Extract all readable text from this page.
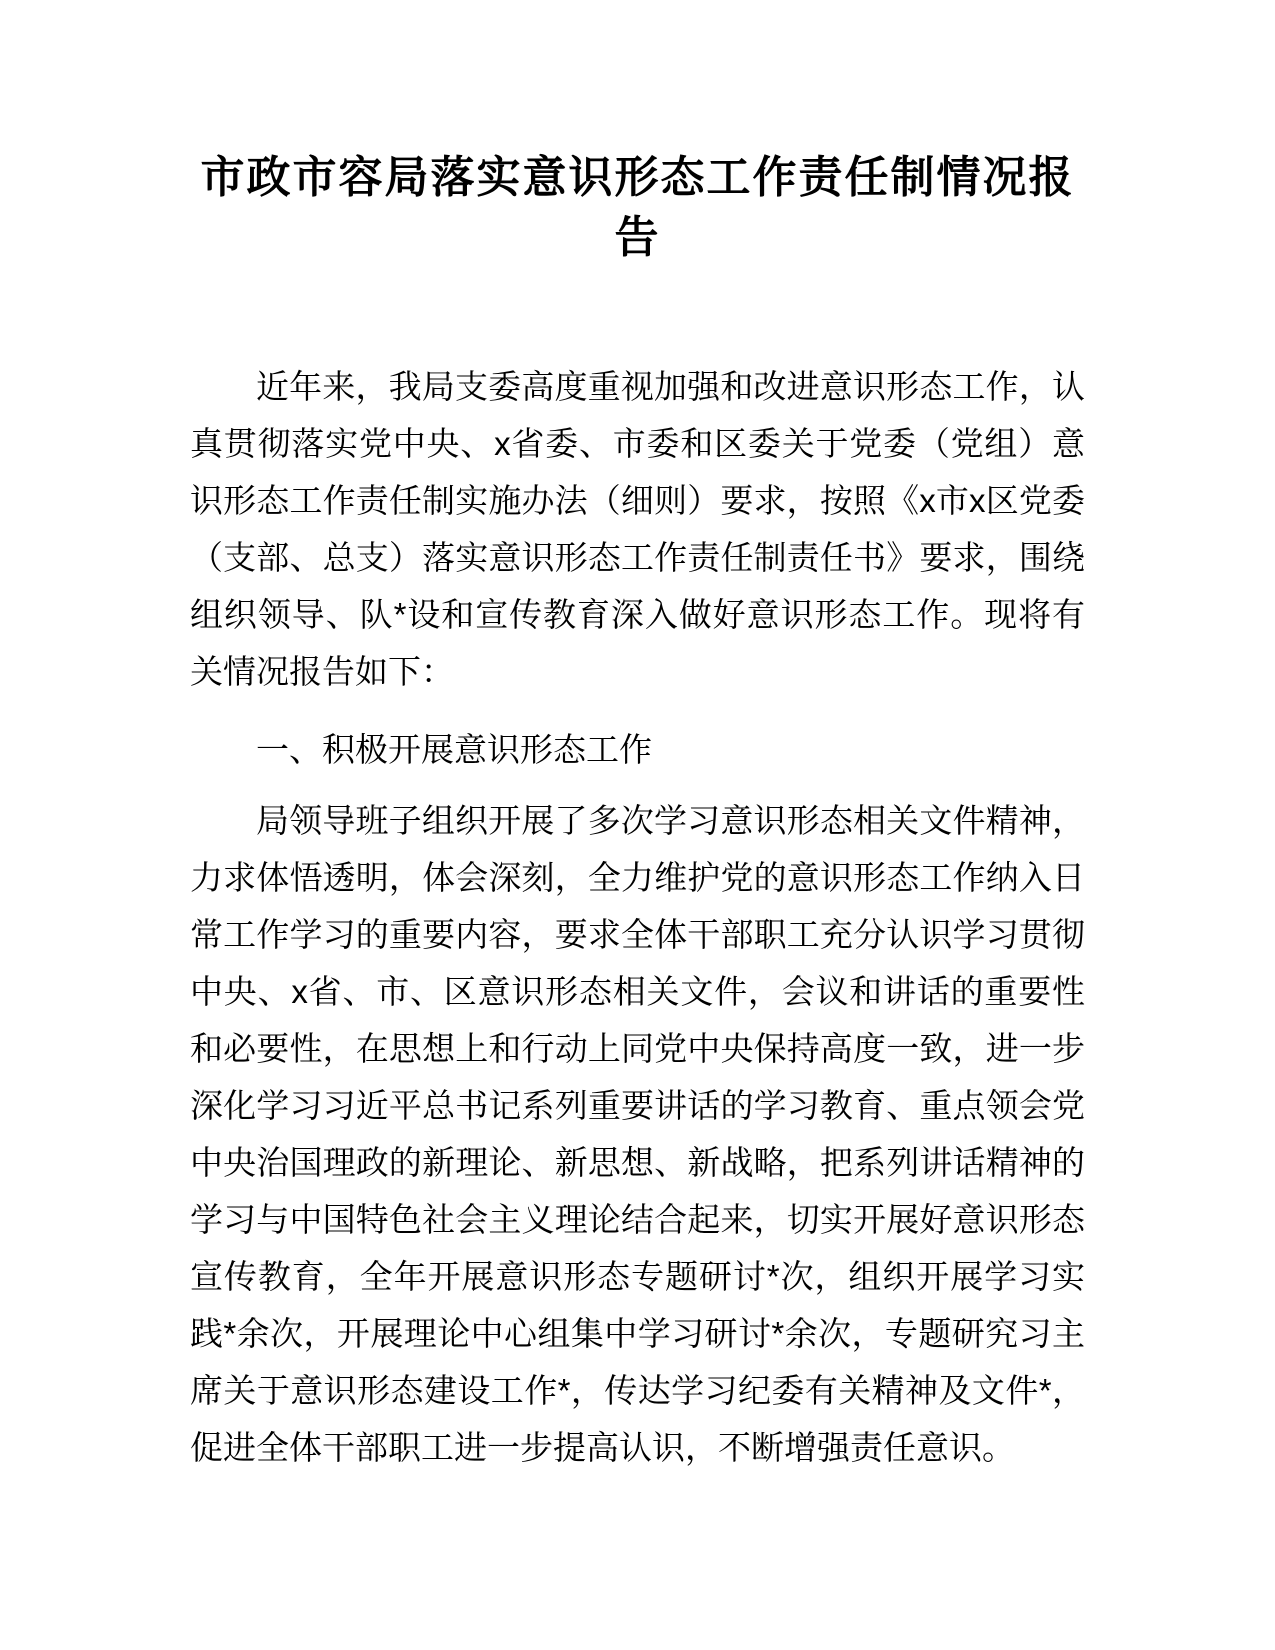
市政市容局落实意识形态工作责任制情况报告

近年来，我局支委高度重视加强和改进意识形态工作，认真贯彻落实党中央、x省委、市委和区委关于党委（党组）意识形态工作责任制实施办法（细则）要求，按照《x市x区党委（支部、总支）落实意识形态工作责任制责任书》要求，围绕组织领导、队*设和宣传教育深入做好意识形态工作。现将有关情况报告如下：

一、积极开展意识形态工作

局领导班子组织开展了多次学习意识形态相关文件精神，力求体悟透明，体会深刻，全力维护党的意识形态工作纳入日常工作学习的重要内容，要求全体干部职工充分认识学习贯彻中央、x省、市、区意识形态相关文件，会议和讲话的重要性和必要性，在思想上和行动上同党中央保持高度一致，进一步深化学习习近平总书记系列重要讲话的学习教育、重点领会党中央治国理政的新理论、新思想、新战略，把系列讲话精神的学习与中国特色社会主义理论结合起来，切实开展好意识形态宣传教育，全年开展意识形态专题研讨*次，组织开展学习实践*余次，开展理论中心组集中学习研讨*余次，专题研究习主席关于意识形态建设工作*，传达学习纪委有关精神及文件*，促进全体干部职工进一步提高认识，不断增强责任意识。
